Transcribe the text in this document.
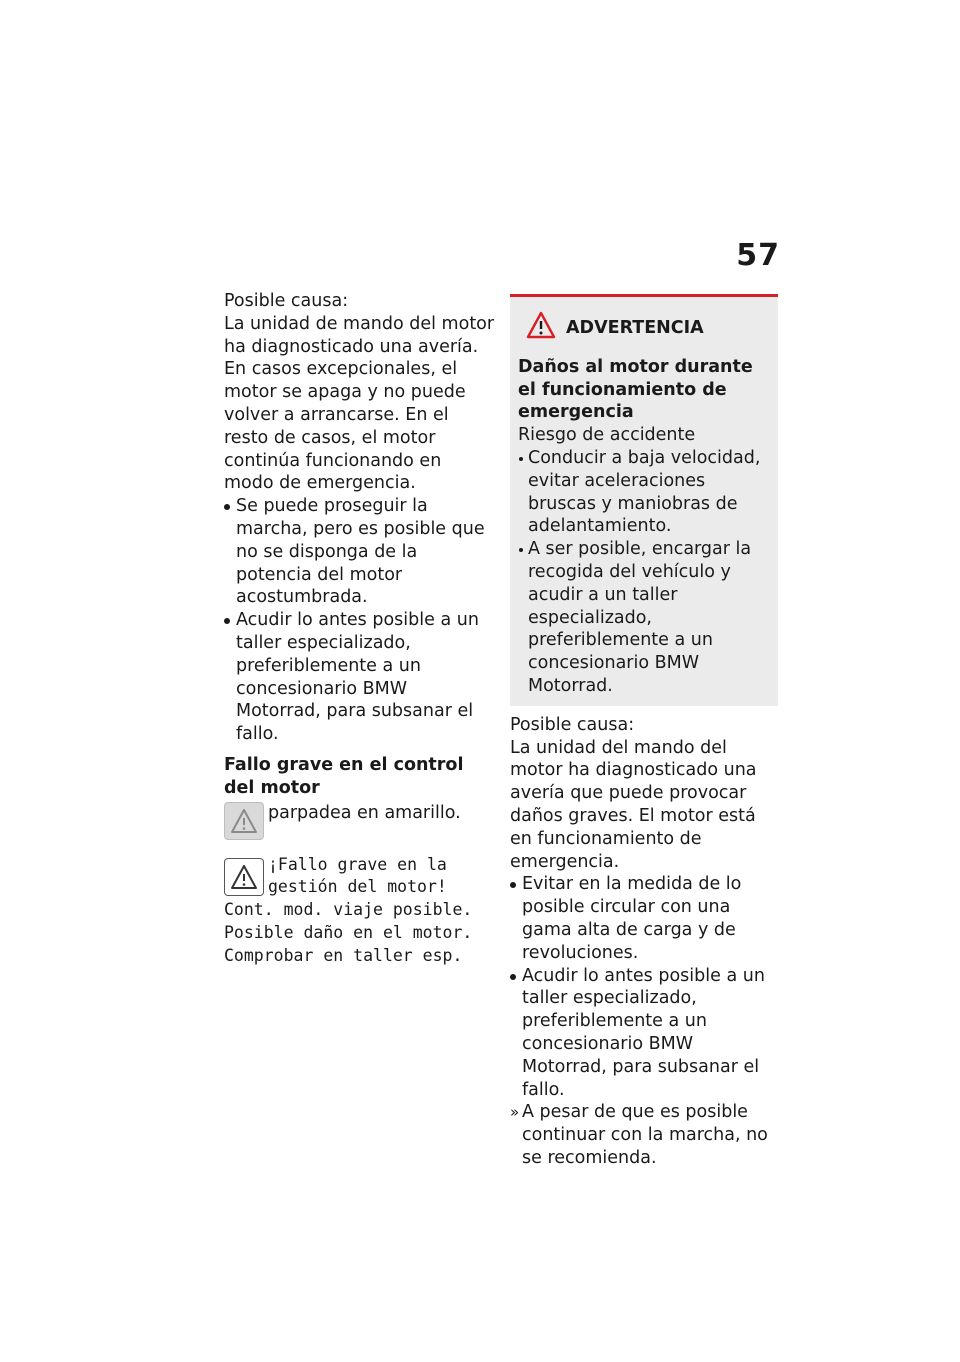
57

Posible causa:

La unidad de mando del motor ha diagnosticado una avería. En casos excepcionales, el motor se apaga y no puede volver a arrancarse. En el resto de casos, el motor continúa funcionando en modo de emergencia.

Se puede proseguir la marcha, pero es posible que no se disponga de la potencia del motor acostumbrada.

Acudir lo antes posible a un taller especializado, preferiblemente a un concesionario BMW Motorrad, para subsanar el fallo.

Fallo grave en el control del motor

parpadea en amarillo.

¡Fallo grave en la gestión del motor! Cont. mod. viaje posible. Posible daño en el motor. Comprobar en taller esp.

ADVERTENCIA

Daños al motor durante el funcionamiento de emergencia

Riesgo de accidente

Conducir a baja velocidad, evitar aceleraciones bruscas y maniobras de adelantamiento.

A ser posible, encargar la recogida del vehículo y acudir a un taller especializado, preferiblemente a un concesionario BMW Motorrad.

Posible causa:

La unidad del mando del motor ha diagnosticado una avería que puede provocar daños graves. El motor está en funcionamiento de emergencia.

Evitar en la medida de lo posible circular con una gama alta de carga y de revoluciones.

Acudir lo antes posible a un taller especializado, preferiblemente a un concesionario BMW Motorrad, para subsanar el fallo.

» A pesar de que es posible continuar con la marcha, no se recomienda.
